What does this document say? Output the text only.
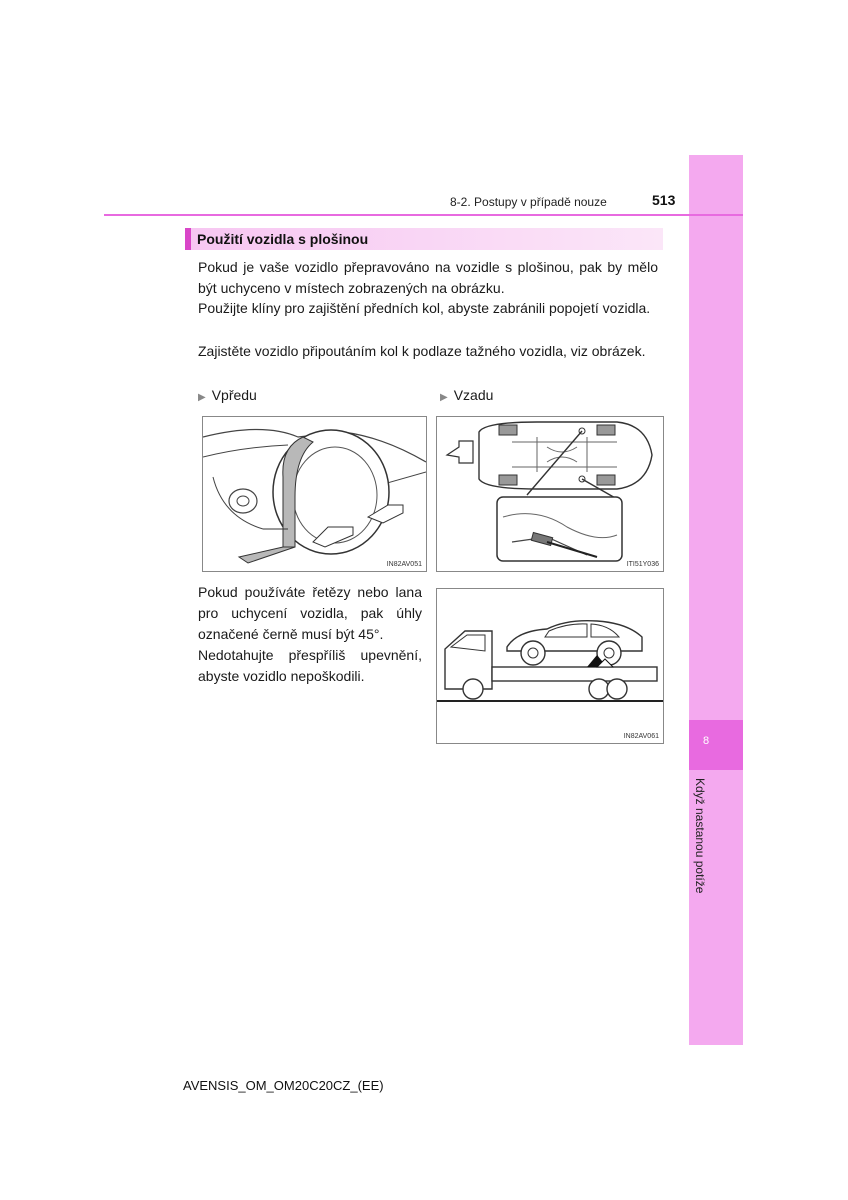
8
Když nastanou potíže
8-2. Postupy v případě nouze	513
Použití vozidla s plošinou

Pokud je vaše vozidlo přepravováno na vozidle s plošinou, pak by mělo být uchyceno v místech zobrazených na obrázku.

Použijte klíny pro zajištění předních kol, abyste zabránili popojetí vozidla.

Zajistěte vozidlo připoutáním kol k podlaze tažného vozidla, viz obrázek.

▶ Vpředu	▶ Vzadu
IN82AV051	ITI51Y036
IN82AV061

Pokud používáte řetězy nebo lana pro uchycení vozidla, pak úhly označené černě musí být 45°.

Nedotahujte přespříliš upevnění, abyste vozidlo nepoškodili.

AVENSIS_OM_OM20C20CZ_(EE)
